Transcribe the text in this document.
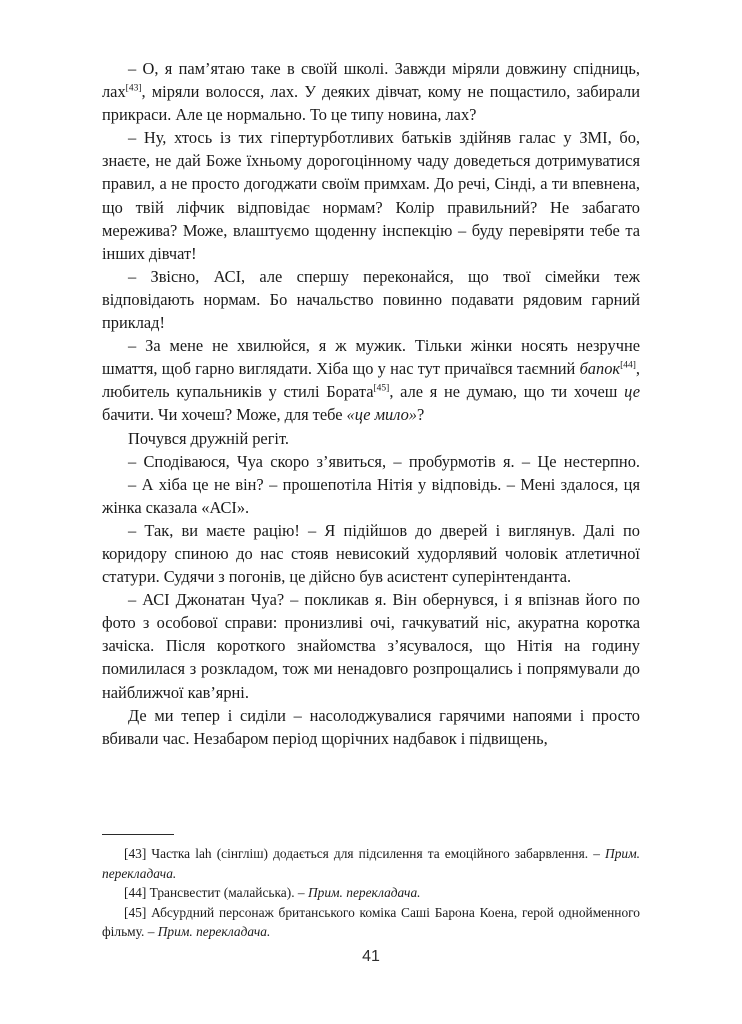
– О, я пам’ятаю таке в своїй школі. Завжди міряли довжину спідниць, лах[43], міряли волосся, лах. У деяких дівчат, кому не пощастило, забирали прикраси. Але це нормально. То це типу новина, лах?

– Ну, хтось із тих гіпертурботливих батьків здійняв галас у ЗМІ, бо, знаєте, не дай Боже їхньому дорогоцінному чаду доведеться дотримуватися правил, а не просто догоджати своїм примхам. До речі, Сінді, а ти впевнена, що твій ліфчик відповідає нормам? Колір правильний? Не забагато мережива? Може, влаштуємо щоденну інспекцію – буду перевіряти тебе та інших дівчат!

– Звісно, АСІ, але спершу переконайся, що твої сімейки теж відповідають нормам. Бо начальство повинно подавати рядовим гарний приклад!

– За мене не хвилюйся, я ж мужик. Тільки жінки носять незручне шмаття, щоб гарно виглядати. Хіба що у нас тут причаївся таємний бапок[44], любитель купальників у стилі Бората[45], але я не думаю, що ти хочеш це бачити. Чи хочеш? Може, для тебе «це мило»?

Почувся дружній регіт.

– Сподіваюся, Чуа скоро з’явиться, – пробурмотів я. – Це нестерпно.

– А хіба це не він? – прошепотіла Нітія у відповідь. – Мені здалося, ця жінка сказала «АСІ».

– Так, ви маєте рацію! – Я підійшов до дверей і виглянув. Далі по коридору спиною до нас стояв невисокий худорлявий чоловік атлетичної статури. Судячи з погонів, це дійсно був асистент суперінтенданта.

– АСІ Джонатан Чуа? – покликав я. Він обернувся, і я впізнав його по фото з особової справи: пронизливі очі, гачкуватий ніс, акуратна коротка зачіска. Після короткого знайомства з’ясувалося, що Нітія на годину помилилася з розкладом, тож ми ненадовго розпрощались і попрямували до найближчої кав’ярні.

Де ми тепер і сиділи – насолоджувалися гарячими напоями і просто вбивали час. Незабаром період щорічних надбавок і підвищень,

[43] Частка lah (сінгліш) додається для підсилення та емоційного забарвлення. – Прим. перекладача.

[44] Трансвестит (малайська). – Прим. перекладача.

[45] Абсурдний персонаж британського коміка Саші Барона Коена, герой однойменного фільму. – Прим. перекладача.

41
